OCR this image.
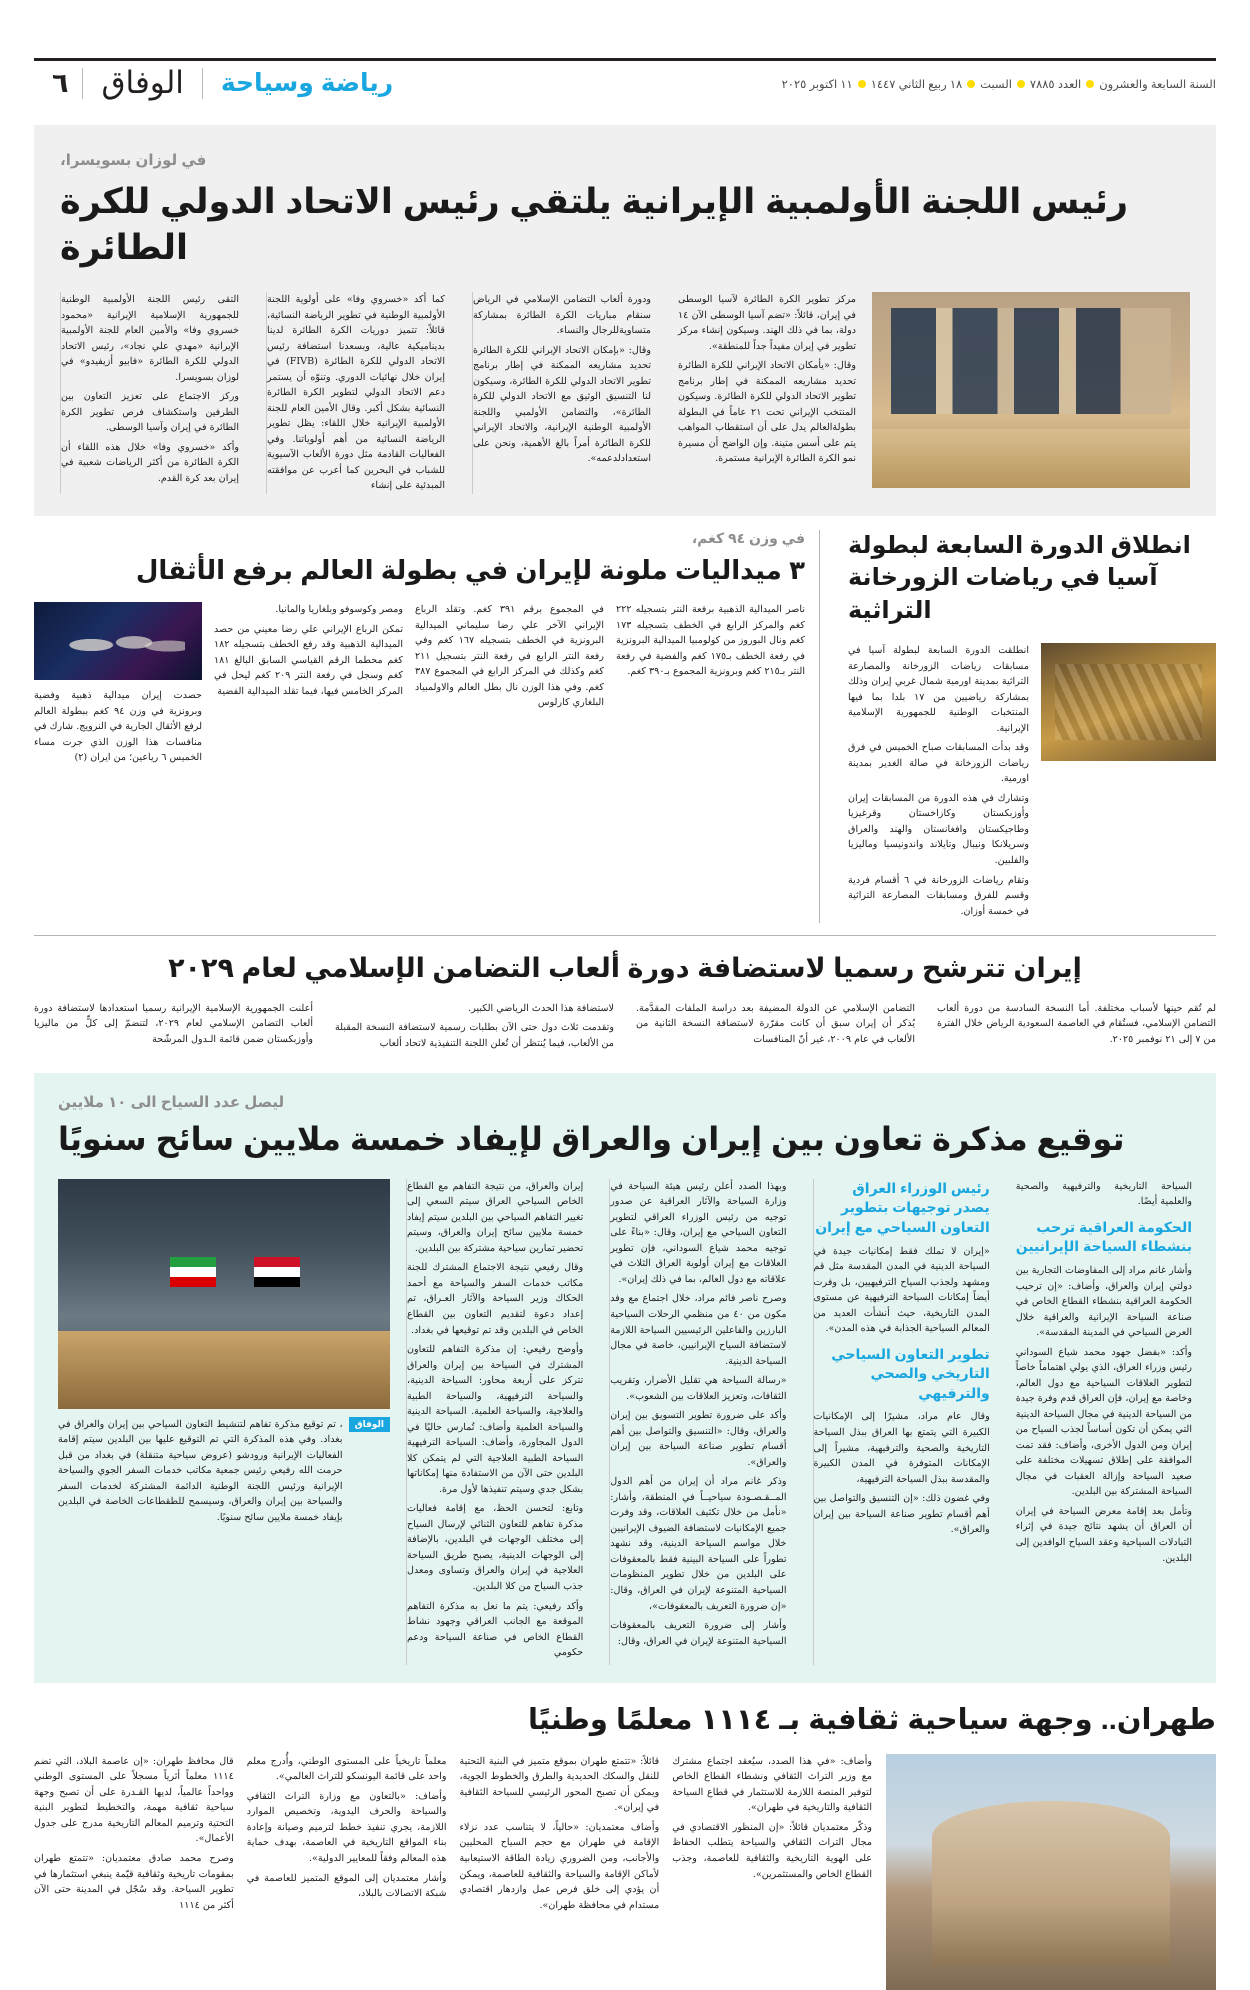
السنة السابعة والعشرون
العدد ٧٨٨٥
السبت
١٨ ربيع الثاني ١٤٤٧
١١ اكتوبر ٢٠٢٥
رياضة وسياحة
الوفاق
٦
في لوزان بسويسرا،
رئيس اللجنة الأولمبية الإيرانية يلتقي رئيس الاتحاد الدولي للكرة الطائرة

مركز تطوير الكرة الطائرة لآسيا الوسطى في إيران، قائلاً: «ﺗﻀﻢ آسيا الوسطى الآن ١٤ دولة، بما في ذلك الهند. وسيكون إنشاء مركز تطوير في إيران مفيداً جداً للمنطقة».

وقال: «يأمكان الاتحاد الإيراني للكرة الطائرة تحديد مشاريعه الممكنة في إطار برنامج تطوير الاتحاد الدولي للكرة الطائرة. وسيكون المنتخب الإيراني تحت ٢١ عاماً في البطولة بطولةالعالم يدل على أن استقطاب المواهب يتم على أسس متينة. وإن الواضح أن مسيرة نمو الكرة الطائرة الإيرانية مستمرة.

ودورة ألعاب التضامن الإسلامي في الرياض سنقام مباريات الكرة الطائرة بمشاركة متساويةللرجال والنساء.

وقال: «بإمكان الاتحاد الإيراني للكرة الطائرة تحديد مشاريعه الممكنة في إطار برنامج تطوير الاتحاد الدولي للكرة الطائرة، وسيكون لنا التنسيق الوثيق مع الاتحاد الدولي للكرة الطائرة»، والتضامن الأولمبي واللجنة الأولمبية الوطنية الإيرانية، والاتحاد الإيراني للكرة الطائرة أمراً بالغ الأهمية، ونحن على استعدادلدعمه».

كما أكد «خسروي وفا» على أولوية اللجنة الأولمبية الوطنية في تطوير الرياضة النسائية، قائلاً: تتميز دوريات الكرة الطائرة لدينا بديناميكية عالية، وبسعدنا استضافة رئيس الاتحاد الدولي للكرة الطائرة (FIVB) في إيران خلال نهائيات الدوري. وتنوّه أن يستمر دعم الاتحاد الدولي لتطوير الكرة الطائرة النسائية بشكل أكبر. وقال الأمين العام للجنة الأولمبية الإيرانية خلال اللقاء: يظل تطوير الرياضة النسائية من أهم أولوياتنا. وفي الفعاليات القادمة مثل دورة الألعاب الآسيوية للشباب في البحرين كما أعرب عن موافقته المبدئية على إنشاء

التقى رئيس اللجنة الأولمبية الوطنية للجمهورية الإسلامية الإيرانية «محمود خسروي وفا» والأمين العام للجنة الأولمبية الإيرانية «مهدي علي نجاد»، رئيس الاتحاد الدولي للكرة الطائرة «فابيو أزيفيدو» في لوزان بسويسرا.

وركز الاجتماع على تعزيز التعاون بين الطرفين واستكشاف فرص تطوير الكرة الطائرة في إيران وآسيا الوسطى.

وأكد «خسروي وفا» خلال هذه اللقاء أن الكرة الطائرة من أكثر الرياضات شعبية في إيران بعد كرة القدم.

انطلاق الدورة السابعة لبطولة آسيا في رياضات الزورخانة التراثية

انطلقت الدورة السابعة لبطولة آسيا في مسابقات رياضات الزورخانة والمصارعة التراثية بمدينة اورمية شمال غربي إيران وذلك بمشاركة رياضيين من ١٧ بلدا بما فيها المنتخبات الوطنية للجمهورية الإسلامية الإيرانية.

وقد بدأت المسابقات صباح الخميس في فرق رياضات الزورخانة في صالة الغدير بمدينة اورمية.

وتشارك في هذه الدورة من المسابقات إيران وأوزبكستان وكازاخستان وقرغيزيا وطاجيكستان وافغانستان والهند والعراق وسريلانكا ونيبال وتايلاند واندونيسيا وماليزيا والفلبين.

وتقام رياضات الزورخانة في ٦ أقسام فردية وقسم للفرق ومسابقات المصارعة التراثية في خمسة أوزان.

في وزن ٩٤ كغم،
٣ ميداليات ملونة لإيران في بطولة العالم برفع الأثقال
ناصر الميدالية الذهبية برفعة النتر بتسجيله ٢٢٢ كغم والمركز الرابع في الخطف بتسجيله ١٧٣ كغم ونال البوروز من كولومبيا الميدالية البرونزية في رفعة الخطف بـ١٧٥ كغم والفضية في رفعة النتر بـ٢١٥ كغم وبرونزية المجموع بـ٣٩٠ كغم.
في المجموع برقم ٣٩١ كغم. وتقلد الرباع الإيراني الآخر علي رضا سليماني الميدالية البرونزية في الخطف بتسجيله ١٦٧ كغم وفي رفعة النتر الرابع في رفعة النتر بتسجيل ٢١١ كغم وكذلك في المركز الرابع في المجموع ٣٨٧ كغم. وفي هذا الوزن نال بطل العالم والاولمبياد البلغاري كارلوس

ومصر وكوسوفو وبلغاريا والمانيا.

تمكن الرباع الإيراني علي رضا معيني من حصد الميدالية الذهبية وقد رفع الخطف بتسجيله ١٨٢ كغم محطما الرقم القياسي السابق البالغ ١٨١ كغم وسجل في رفعة النتر ٢٠٩ كغم ليحل في المركز الخامس فيها، فيما تقلد الميدالية الفضية

حصدت إيران ميدالية ذهبية وفضية وبرونزية في وزن ٩٤ كغم ببطولة العالم لرفع الأثقال الجارية في النرويج. شارك في منافسات هذا الوزن الذي جرت مساء الخميس ٦ رياعين؛ من ايران (٢)
إيران تترشح رسميا لاستضافة دورة ألعاب التضامن الإسلامي لعام ٢٠٢٩
لم تُقم حينها لأسباب مختلفة. أما النسخة السادسة من دورة ألعاب التضامن الإسلامي، فستُقام في العاصمة السعودية الرياض خلال الفترة من ٧ إلى ٢١ نوفمبر ٢٠٢٥.
التضامن الإسلامي عن الدولة المضيفة بعد دراسة الملفات المقدَّمة. يُذكر أن إيران سبق أن كانت مقرّرة لاستضافة النسخة الثانية من الألعاب في عام ٢٠٠٩، غير أنّ المنافسات

لاستضافة هذا الحدث الرياضي الكبير.

وتقدمت ثلاث دول حتى الآن بطلبات رسمية لاستضافة النسخة المقبلة من الألعاب، فيما يُنتظر أن تُعلن اللجنة التنفيذية لاتحاد ألعاب

أعلنت الجمهورية الإسلامية الإيرانية رسميا استعدادها لاستضافة دورة ألعاب التضامن الإسلامي لعام ٢٠٢٩، لتنضمّ إلى كلٍّ من ماليزيا وأوزبكستان ضمن قائمة الـدول المرشّحة
ليصل عدد السياح الى ١٠ ملايين
توقيع مذكرة تعاون بين إيران والعراق لإيفاد خمسة ملايين سائح سنويًا
السياحة التاريخية والترفيهية والصحية والعلمية أيضًا.
الحكومة العراقية ترحب بنشطاء السياحة الإيرانيين

وأشار غانم مراد إلى المفاوضات التجارية بين دولتي إيران والعراق، وأضاف: «إن ترحيب الحكومة العراقية بنشطاء القطاع الخاص في صناعة السياحة الإيرانية والعراقية خلال العرض السياحي في المدينة المقدسة».

وأكد: «بفضل جهود محمد شياع السوداني رئيس وزراء العراق، الذي يولي اهتماماً خاصاً لتطوير العلاقات السياحية مع دول العالم، وخاصة مع إيران، فإن العراق قدم وفرة جيدة من السياحة الدينية في مجال السياحة الدينية التي يمكن أن تكون أساساً لجذب السياح من إيران ومن الدول الأخرى، وأضاف: فقد تمت الموافقة على إطلاق تسهيلات مختلفة على صعيد السياحة وإزالة العقبات في مجال السياحة المشتركة بين البلدين.

وتأمل بعد إقامة معرض السياحة في إيران أن العراق أن يشهد نتائج جيدة في إثراء التبادلات السياحية وعقد السياح الوافدين إلى البلدين.

رئيس الوزراء العراق يصدر توجيهات بتطوير التعاون السياحي مع إيران
«إيران لا تملك فقط إمكانيات جيدة في السياحة الدينية في المدن المقدسة مثل قم ومشهد ولجذب السياح الترفيهيين، بل وفرت أيضاً إمكانات السياحة الترفيهية عن مستوى المدن التاريخية، حيث أنشأت العديد من المعالم السياحية الجذابة في هذه المدن».
تطوير التعاون السياحي التاريخي والصحي والترفيهي

وقال عام مراد، مشيرًا إلى الإمكانيات الكبيرة التي يتمتع بها العراق ببذل السياحة التاريخية والصحية والترفيهية، مشيراً إلى الإمكانات المتوفرة في المدن الكبيرة والمقدسة ببذل السياحة الترفيهية،

وفي غضون ذلك: «إن التنسيق والتواصل بين أهم أقسام تطوير صناعة السياحة بين إيران والعراق».

وبهذا الصدد أعلن رئيس هيئة السياحة في وزارة السياحة والآثار العراقية عن صدور توجيه من رئيس الوزراء العراقي لتطوير التعاون السياحي مع إيران، وقال: «بناءً على توجيه محمد شياع السوداني، فإن تطوير العلاقات مع إيران أولوية العراق الثلاث في علاقاته مع دول العالم، بما في ذلك إيران».

وصرح ناصر فائم مراد، خلال اجتماع مع وفد مكون من ٤٠ من منظمي الرحلات السياحية البارزين والفاعلين الرئيسيين السياحة اللازمة لاستضافة السياح الإيرانيين، خاصة في مجال السياحة الدينية.

«رسالة السياحة هي تقليل الأضرار، وتقريب الثقافات، وتعزيز العلاقات بين الشعوب».

وأكد على ضرورة تطوير التسويق بين إيران والعراق، وقال: «التنسيق والتواصل بين أهم أقسام تطوير صناعة السياحة بين إيران والعراق».

وذكر غانم مراد أن إيران من أهم الدول المــقـصـودة سياحيــاً في المنطقة، وأشار: «نأمل من خلال تكثيف العلاقات، وقد وفرت جميع الإمكانيات لاستضافة الضيوف الإيرانيين خلال مواسم السياحة الدينية، وقد نشهد تطوراً على السياحة البينية فقط بالمعقوفات على البلدين من خلال تطوير المنظومات السياحية المتنوعة لإيران في العراق، وقال: «إن ضرورة التعريف بالمعقوفات»،

وأشار إلى ضرورة التعريف بالمعقوفات السياحية المتنوعة لإيران في العراق، وقال:

إيران والعراق، من نتيجة التفاهم مع القطاع الخاص السياحي العراق سيتم السعي إلى تغيير التفاهم السياحي بين البلدين سيتم إيفاد خمسة ملايين سائح إيران والعراق، وسيتم تحضير تمارين سياحية مشتركة بين البلدين.

وقال رفيعي نتيجة الاجتماع المشترك للجنة مكاتب خدمات السفر والسياحة مع أحمد الحكاك وزير السياحة والآثار العـراق، تم إعداد دعوة لتقديم التعاون بين القطاع الخاص في البلدين وقد تم توقيعها في بغداد.

وأوضح رفيعي: إن مذكرة التفاهم للتعاون المشترك في السياحة بين إيران والعراق تتركز على أربعة محاور: السياحة الدينية، والسياحة الترفيهية، والسياحة الطبية والعلاجية، والسياحة العلمية. السياحة الدينية والسياحة العلمية وأضاف: تُمارس حاليًا في الدول المجاورة، وأضاف: السياحة الترفيهية السياحة الطبية العلاجية التي لم يتمكن كلا البلدين حتى الآن من الاستفادة منها إمكاناتها بشكل جدي وسيتم تنفيذها لأول مرة.

وتابع: لتحسن الحظ، مع إقامة فعاليات مذكرة تفاهم للتعاون الثنائي لإرسال السياح إلى مختلف الوجهات في البلدين، بالإضافة إلى الوجهات الدينية، يصبح طريق السياحة العلاجية في إيران والعراق وتساوى ومعدل جذب السياح من كلا البلدين.

وأكد رفيعي: يتم ما نعل به مذكرة التفاهم الموقعة مع الجانب العراقي وجهود نشاط القطاع الخاص في صناعة السياحة ودعم حكومي

الوفاق
، تم توقيع مذكرة تفاهم لتنشيط التعاون السياحي بين إيران والعراق في بغداد. وفي هذه المذكرة التي تم التوقيع عليها بين البلدين سيتم إقامة الفعاليات الإيرانية ورودشو (عروض سياحية متنقلة) في بغداد من قبل حرمت الله رفيعي رئيس جمعية مكاتب خدمات السفر الجوي والسياحة الإيرانية ورئيس اللجنة الوطنية الدائمة المشتركة لخدمات السفر والسياحة بين إيران والعراق، وسيسمح للطقطاعات الخاصة في البلدين بإيفاد خمسة ملايين سائح سنويًا.
طهران.. وجهة سياحية ثقافية بـ ١١١٤ معلمًا وطنيًا

وأضاف: «في هذا الصدد، سيُعقد اجتماع مشترك مع وزير التراث الثقافي ونشطاء القطاع الخاص لتوفير المنصة اللازمة للاستثمار في قطاع السياحة الثقافية والتاريخية في طهران».

وذكّر معتمديان قائلاً: «إن المنظور الاقتصادي في مجال التراث الثقافي والسياحة يتطلب الحفاظ على الهوية التاريخية والثقافية للعاصمة، وجذب القطاع الخاص والمستثمرين».

قائلاً: «تتمتع طهران بموقع متميز في البنية التحتية للنقل والسكك الحديدية والطرق والخطوط الجوية، ويمكن أن تصبح المحور الرئيسي للسياحة الثقافية في إيران».

وأضاف معتمديان: «حالياً، لا يتناسب عدد نزلاء الإقامة في طهران مع حجم السياح المحليين والأجانب، ومن الضروري زيادة الطاقة الاستيعابية لأماكن الإقامة والسياحة والثقافية للعاصمة، ويمكن أن يؤدي إلى خلق فرص عمل وازدهار اقتصادي مستدام في محافظة طهران».

معلماً تاريخياً على المستوى الوطني، وأُدرج معلم واحد على قائمة اليونسكو للتراث العالمي».

وأضاف: «بالتعاون مع وزارة التراث الثقافي والسياحة والحرف اليدوية، وتخصيص الموارد اللازمة، يجري تنفيذ خطط لترميم وصيانة وإعادة بناء المواقع التاريخية في العاصمة، بهدف حماية هذه المعالم وفقاً للمعايير الدولية».

وأشار معتمديان إلى الموقع المتميز للعاصمة في شبكة الاتصالات بالبلاد،

قال محافظ طهران: «إن عاصمة البلاد، التي تضم ١١١٤ معلماً أثرياً مسجلاً على المستوى الوطني وواحداً عالمياً، لديها القـدرة على أن تصبح وجهة سياحية ثقافية مهمة، والتخطيط لتطوير البنية التحتية وترميم المعالم التاريخية مدرج على جدول الأعمال».

وصرح محمد صادق معتمديان: «تتمتع طهران بمقومات تاريخية وثقافية قيّمة ينبغي استثمارها في تطوير السياحة. وقد سُجّل في المدينة حتى الآن أكثر من ١١١٤
